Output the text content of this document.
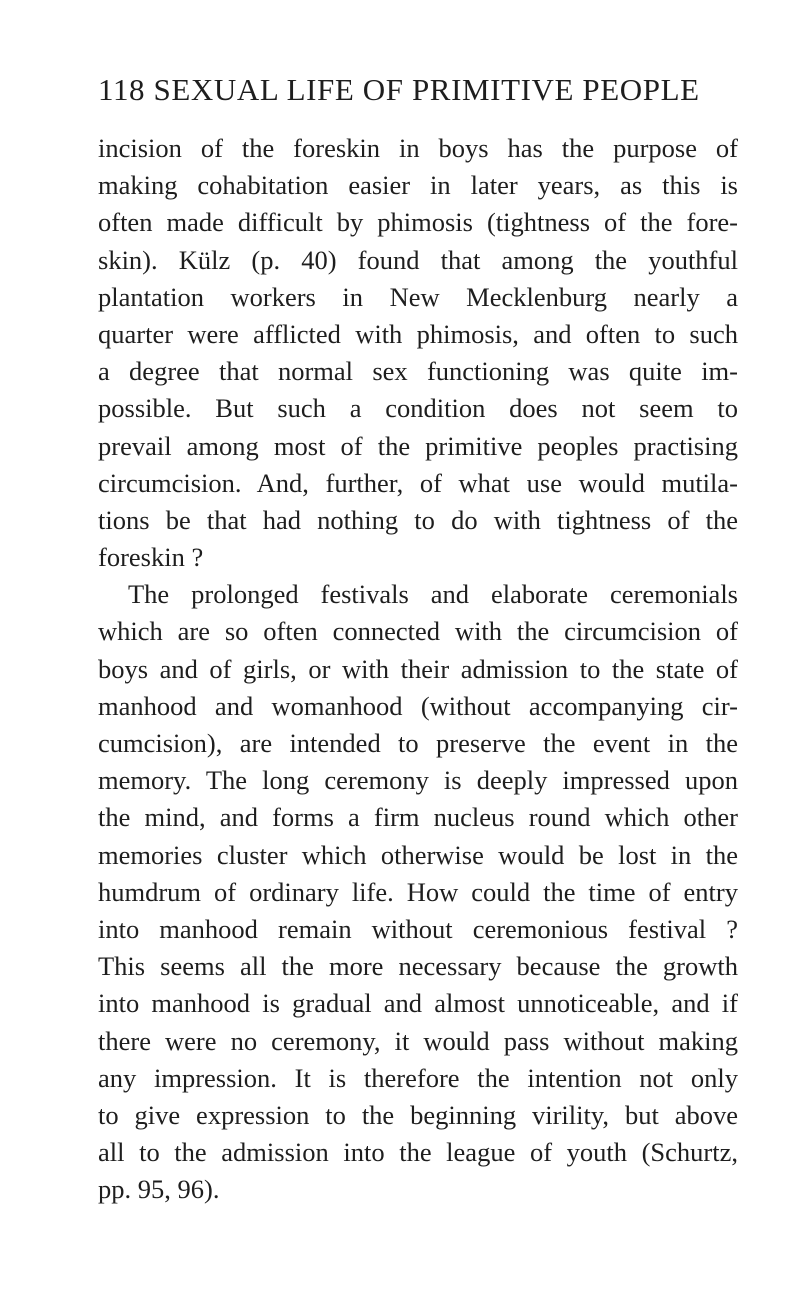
118 SEXUAL LIFE OF PRIMITIVE PEOPLE
incision of the foreskin in boys has the purpose of
making cohabitation easier in later years, as this is
often made difficult by phimosis (tightness of the fore-
skin). Külz (p. 40) found that among the youthful
plantation workers in New Mecklenburg nearly a
quarter were afflicted with phimosis, and often to such
a degree that normal sex functioning was quite im-
possible. But such a condition does not seem to
prevail among most of the primitive peoples practising
circumcision. And, further, of what use would mutila-
tions be that had nothing to do with tightness of the
foreskin ?
The prolonged festivals and elaborate ceremonials
which are so often connected with the circumcision of
boys and of girls, or with their admission to the state of
manhood and womanhood (without accompanying cir-
cumcision), are intended to preserve the event in the
memory. The long ceremony is deeply impressed upon
the mind, and forms a firm nucleus round which other
memories cluster which otherwise would be lost in the
humdrum of ordinary life. How could the time of entry
into manhood remain without ceremonious festival ?
This seems all the more necessary because the growth
into manhood is gradual and almost unnoticeable, and if
there were no ceremony, it would pass without making
any impression. It is therefore the intention not only
to give expression to the beginning virility, but above
all to the admission into the league of youth (Schurtz,
pp. 95, 96).
